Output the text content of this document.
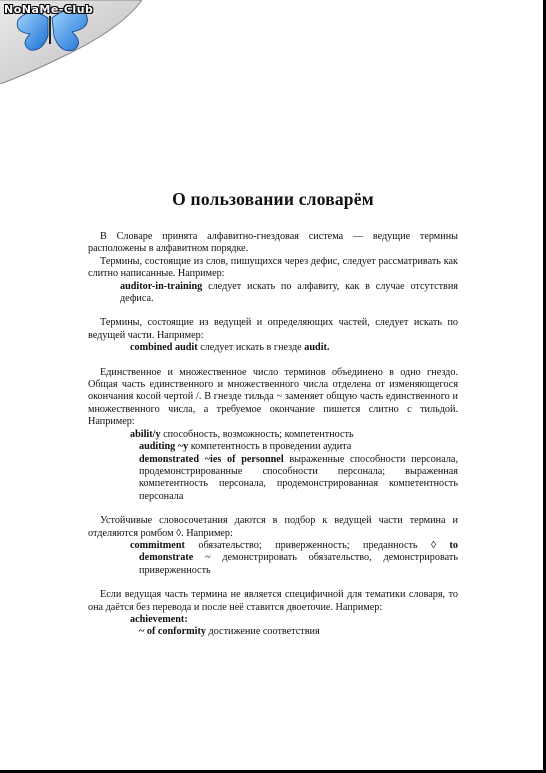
NoNaMe-Club
О пользовании словарём

В Словаре принята алфавитно-гнездовая система — ведущие термины расположены в алфавитном порядке.

Термины, состоящие из слов, пишущихся через дефис, следует рассматривать как слитно написанные. Например:

auditor-in-training следует искать по алфавиту, как в случае отсутствия дефиса.

Термины, состоящие из ведущей и определяющих частей, следует искать по ведущей части. Например:

combined audit следует искать в гнезде audit.

Единственное и множественное число терминов объединено в одно гнездо. Общая часть единственного и множественного числа отделена от изменяющегося окончания косой чертой /. В гнезде тильда ~ заменяет общую часть единственного и множественного числа, а требуемое окончание пишется слитно с тильдой. Например:

abilit/y способность, возможность; компетентность

auditing ~y компетентность в проведении аудита

demonstrated ~ies of personnel выраженные способности персонала, продемонстрированные способности персонала; выраженная компетентность персонала, продемонстрированная компетентность персонала

Устойчивые словосочетания даются в подбор к ведущей части термина и отделяются ромбом ◊. Например:

commitment обязательство; приверженность; преданность ◊ to demonstrate ~ демонстрировать обязательство, демонстрировать приверженность

Если ведущая часть термина не является специфичной для тематики словаря, то она даётся без перевода и после неё ставится двоеточие. Например:

achievement:

~ of conformity достижение соответствия
